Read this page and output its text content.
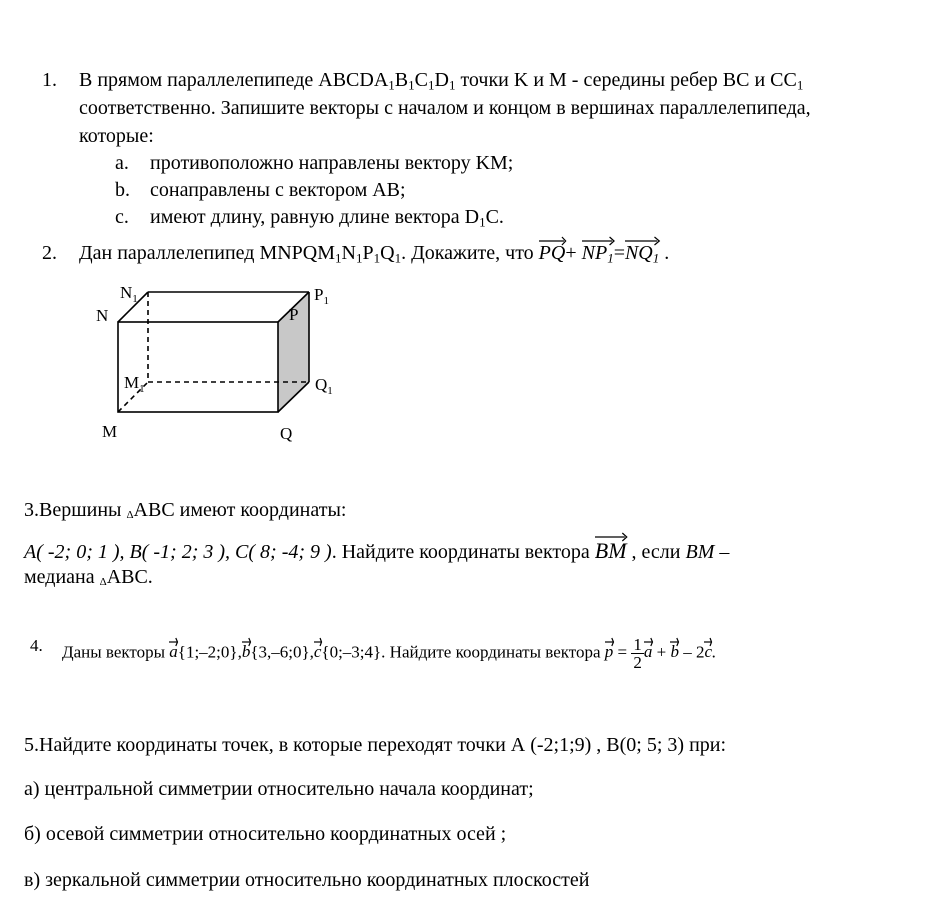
1. В прямом параллелепипеде $ABCDA_1B_1C_1D_1$ точки K и M - середины ребер BC и $CC_1$
соответственно. Запишите векторы с началом и концом в вершинах параллелепипеда,
которые:
a. противоположно направлены вектору KM;
b. сонаправлены с вектором AB;
c. имеют длину, равную длине вектора $D_1C$.
2. Дан параллелепипед $MNPQM_1N_1P_1Q_1$. Докажите, что
$PQ+ NP_1=$
$NQ_1$ .
$N_1$	$P_1$
N	P
$M_1$	$Q_1$
M	Q
3.Вершины ΔABC имеют координаты:
A( -2; 0; 1 ), B( -1; 2; 3 ), C( 8; -4; 9 ). Найдите координаты вектора
BM , если BM –
медиана ΔABC.
4. Даны векторы
a{1;–2;0},
b{3,–6;0},
c{0;–3;4}. Найдите координаты вектора
$p = \frac{1}{2}$ a +
b – 2
c.
5.Найдите координаты точек, в которые переходят точки А (-2;1;9) , В(0; 5; 3) при:
а) центральной симметрии относительно начала координат;
б) осевой симметрии относительно координатных осей ;
в) зеркальной симметрии относительно координатных плоскостей
